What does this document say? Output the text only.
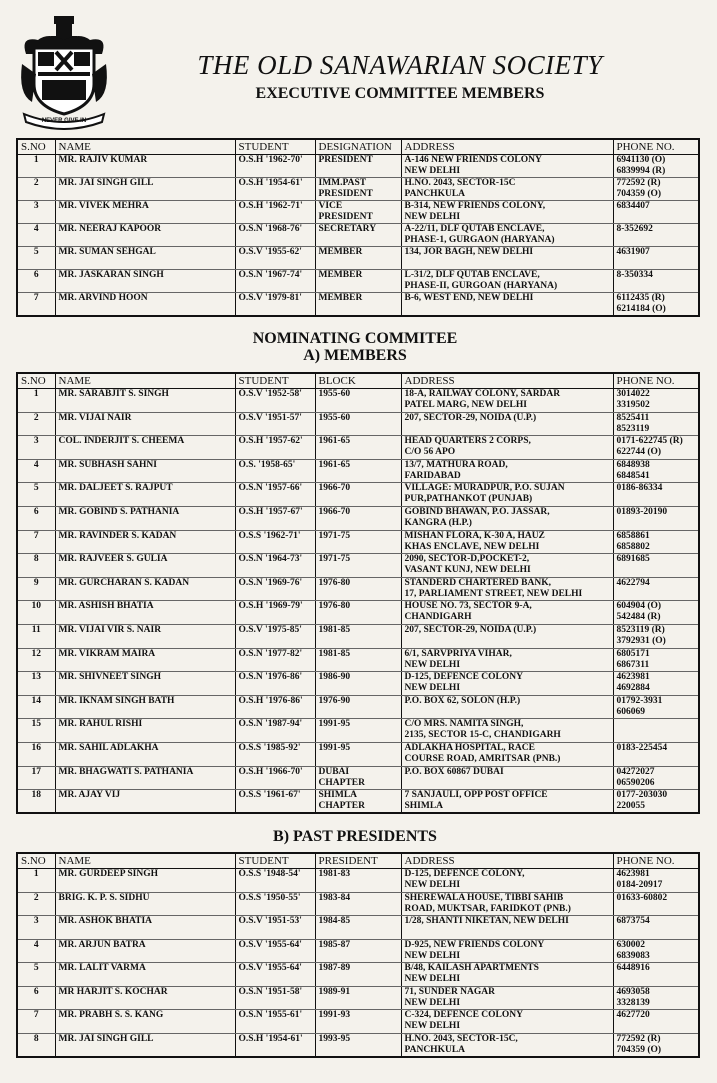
NEVER GIVE IN
THE OLD SANAWARIAN SOCIETY
EXECUTIVE COMMITTEE MEMBERS
S.NO	NAME	STUDENT	DESIGNATION	ADDRESS	PHONE NO.

1	MR. RAJIV KUMAR	O.S.H '1962-70'	PRESIDENT	A-146 NEW FRIENDS COLONY
NEW DELHI	6941130 (O)
6839994 (R)

2	MR. JAI SINGH GILL	O.S.H '1954-61'	IMM.PAST
PRESIDENT	H.NO. 2043, SECTOR-15C
PANCHKULA	772592 (R)
704359 (O)

3	MR. VIVEK MEHRA	O.S.H '1962-71'	VICE
PRESIDENT	B-314, NEW FRIENDS COLONY,
NEW DELHI	6834407

4	MR. NEERAJ KAPOOR	O.S.N '1968-76'	SECRETARY	A-22/11, DLF QUTAB ENCLAVE,
PHASE-1, GURGAON (HARYANA)	8-352692

5	MR. SUMAN SEHGAL	O.S.V '1955-62'	MEMBER	134, JOR BAGH, NEW DELHI	4631907

6	MR. JASKARAN SINGH	O.S.N '1967-74'	MEMBER	L-31/2, DLF QUTAB ENCLAVE,
PHASE-II, GURGOAN (HARYANA)	8-350334

7	MR. ARVIND HOON	O.S.V '1979-81'	MEMBER	B-6, WEST END, NEW DELHI	6112435 (R)
6214184 (O)
NOMINATING COMMITEE
A) MEMBERS
S.NO	NAME	STUDENT	BLOCK	ADDRESS	PHONE NO.

1	MR. SARABJIT S. SINGH	O.S.V '1952-58'	1955-60	18-A, RAILWAY COLONY, SARDAR
PATEL MARG, NEW DELHI	3014022
3319502

2	MR. VIJAI NAIR	O.S.V '1951-57'	1955-60	207, SECTOR-29, NOIDA (U.P.)	8525411
8523119

3	COL. INDERJIT S. CHEEMA	O.S.H '1957-62'	1961-65	HEAD QUARTERS 2 CORPS,
C/O 56 APO	0171-622745 (R)
622744 (O)

4	MR. SUBHASH SAHNI	O.S. '1958-65'	1961-65	13/7, MATHURA ROAD,
FARIDABAD	6848938
6848541

5	MR. DALJEET S. RAJPUT	O.S.N '1957-66'	1966-70	VILLAGE: MURADPUR, P.O. SUJAN
PUR,PATHANKOT (PUNJAB)	0186-86334

6	MR. GOBIND S. PATHANIA	O.S.H '1957-67'	1966-70	GOBIND BHAWAN, P.O. JASSAR,
KANGRA (H.P.)	01893-20190

7	MR. RAVINDER S. KADAN	O.S.S '1962-71'	1971-75	MISHAN FLORA, K-30 A, HAUZ
KHAS ENCLAVE, NEW DELHI	6858861
6858802

8	MR. RAJVEER S. GULIA	O.S.N '1964-73'	1971-75	2090, SECTOR-D,POCKET-2,
VASANT KUNJ, NEW DELHI	6891685

9	MR. GURCHARAN S. KADAN	O.S.N '1969-76'	1976-80	STANDERD CHARTERED BANK,
17, PARLIAMENT STREET, NEW DELHI	4622794

10	MR. ASHISH BHATIA	O.S.H '1969-79'	1976-80	HOUSE NO. 73, SECTOR 9-A,
CHANDIGARH	604904 (O)
542484 (R)

11	MR. VIJAI VIR S. NAIR	O.S.V '1975-85'	1981-85	207, SECTOR-29, NOIDA (U.P.)	8523119 (R)
3792931 (O)

12	MR. VIKRAM MAIRA	O.S.N '1977-82'	1981-85	6/1, SARVPRIYA VIHAR,
NEW DELHI	6805171
6867311

13	MR. SHIVNEET SINGH	O.S.N '1976-86'	1986-90	D-125, DEFENCE COLONY
NEW DELHI	4623981
4692884

14	MR. IKNAM SINGH BATH	O.S.H '1976-86'	1976-90	P.O. BOX 62, SOLON (H.P.)	01792-3931
606069

15	MR. RAHUL RISHI	O.S.N '1987-94'	1991-95	C/O MRS. NAMITA SINGH,
2135, SECTOR 15-C, CHANDIGARH	

16	MR. SAHIL ADLAKHA	O.S.S '1985-92'	1991-95	ADLAKHA HOSPITAL, RACE
COURSE ROAD, AMRITSAR (PNB.)	0183-225454

17	MR. BHAGWATI S. PATHANIA	O.S.H '1966-70'	DUBAI
CHAPTER	P.O. BOX 60867 DUBAI	04272027
06590206

18	MR. AJAY VIJ	O.S.S '1961-67'	SHIMLA
CHAPTER	7 SANJAULI, OPP POST OFFICE
SHIMLA	0177-203030
220055
B) PAST PRESIDENTS
S.NO	NAME	STUDENT	PRESIDENT	ADDRESS	PHONE NO.

1	MR. GURDEEP SINGH	O.S.S '1948-54'	1981-83	D-125, DEFENCE COLONY,
NEW DELHI	4623981
0184-20917

2	BRIG. K. P. S. SIDHU	O.S.S '1950-55'	1983-84	SHEREWALA HOUSE, TIBBI SAHIB
ROAD, MUKTSAR, FARIDKOT (PNB.)	01633-60802

3	MR. ASHOK BHATIA	O.S.V '1951-53'	1984-85	1/28, SHANTI NIKETAN, NEW DELHI	6873754

4	MR. ARJUN BATRA	O.S.V '1955-64'	1985-87	D-925, NEW FRIENDS COLONY
NEW DELHI	630002
6839083

5	MR. LALIT VARMA	O.S.V '1955-64'	1987-89	B/48, KAILASH APARTMENTS
NEW DELHI	6448916

6	MR HARJIT S. KOCHAR	O.S.N '1951-58'	1989-91	71, SUNDER NAGAR
NEW DELHI	4693058
3328139

7	MR. PRABH S. S. KANG	O.S.N '1955-61'	1991-93	C-324, DEFENCE COLONY
NEW DELHI	4627720

8	MR. JAI SINGH GILL	O.S.H '1954-61'	1993-95	H.NO. 2043, SECTOR-15C,
PANCHKULA	772592 (R)
704359 (O)
